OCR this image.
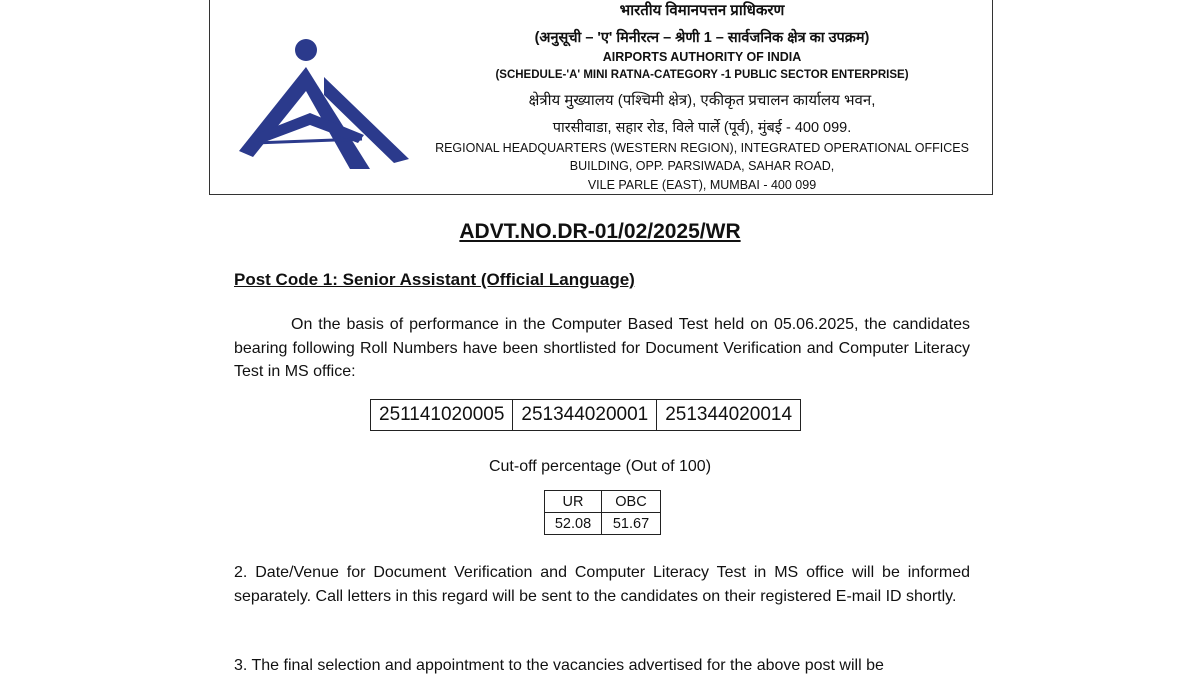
भारतीय विमानपत्तन प्राधिकरण
(अनुसूची – 'ए' मिनीरत्न – श्रेणी 1 – सार्वजनिक क्षेत्र का उपक्रम)
AIRPORTS AUTHORITY OF INDIA
(SCHEDULE-'A' MINI RATNA-CATEGORY -1 PUBLIC SECTOR ENTERPRISE)
क्षेत्रीय मुख्यालय (पश्चिमी क्षेत्र), एकीकृत प्रचालन कार्यालय भवन,
पारसीवाडा, सहार रोड, विले पार्ले (पूर्व), मुंबई - 400 099.
REGIONAL HEADQUARTERS (WESTERN REGION), INTEGRATED OPERATIONAL OFFICES
BUILDING, OPP. PARSIWADA, SAHAR ROAD,
VILE PARLE (EAST), MUMBAI - 400 099
ADVT.NO.DR-01/02/2025/WR
Post Code 1: Senior Assistant (Official Language)
On the basis of performance in the Computer Based Test held on 05.06.2025, the candidates bearing following Roll Numbers have been shortlisted for Document Verification and Computer Literacy Test in MS office:
251141020005	251344020001	251344020014
Cut-off percentage (Out of 100)
UR	OBC
52.08	51.67
2. Date/Venue for Document Verification and Computer Literacy Test in MS office will be informed separately. Call letters in this regard will be sent to the candidates on their registered E-mail ID shortly.
3. The final selection and appointment to the vacancies advertised for the above post will be
